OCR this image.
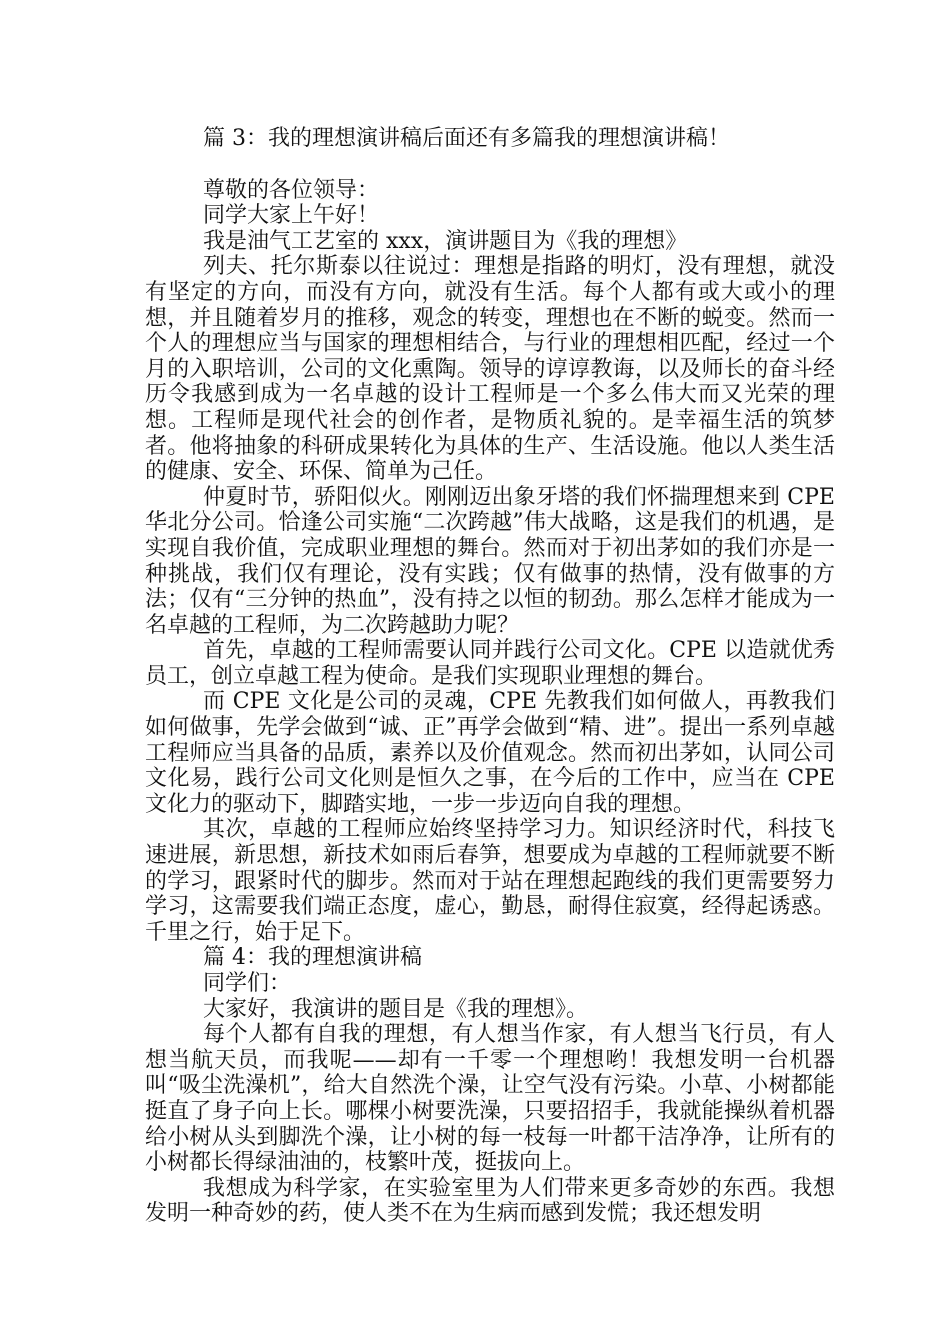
篇 3：我的理想演讲稿后面还有多篇我的理想演讲稿！

尊敬的各位领导：

同学大家上午好！

我是油气工艺室的 xxx，演讲题目为《我的理想》

列夫、托尔斯泰以往说过：理想是指路的明灯，没有理想，就没有坚定的方向，而没有方向，就没有生活。每个人都有或大或小的理想，并且随着岁月的推移，观念的转变，理想也在不断的蜕变。然而一个人的理想应当与国家的理想相结合，与行业的理想相匹配，经过一个月的入职培训，公司的文化熏陶。领导的谆谆教诲，以及师长的奋斗经历令我感到成为一名卓越的设计工程师是一个多么伟大而又光荣的理想。工程师是现代社会的创作者，是物质礼貌的。是幸福生活的筑梦者。他将抽象的科研成果转化为具体的生产、生活设施。他以人类生活的健康、安全、环保、简单为己任。

仲夏时节，骄阳似火。刚刚迈出象牙塔的我们怀揣理想来到 CPE 华北分公司。恰逢公司实施“二次跨越”伟大战略，这是我们的机遇，是实现自我价值，完成职业理想的舞台。然而对于初出茅如的我们亦是一种挑战，我们仅有理论，没有实践；仅有做事的热情，没有做事的方法；仅有“三分钟的热血”，没有持之以恒的韧劲。那么怎样才能成为一名卓越的工程师，为二次跨越助力呢？

首先，卓越的工程师需要认同并践行公司文化。CPE 以造就优秀员工，创立卓越工程为使命。是我们实现职业理想的舞台。

而 CPE 文化是公司的灵魂，CPE 先教我们如何做人，再教我们如何做事，先学会做到“诚、正”再学会做到“精、进”。提出一系列卓越工程师应当具备的品质，素养以及价值观念。然而初出茅如，认同公司文化易，践行公司文化则是恒久之事，在今后的工作中，应当在 CPE 文化力的驱动下，脚踏实地，一步一步迈向自我的理想。

其次，卓越的工程师应始终坚持学习力。知识经济时代，科技飞速进展，新思想，新技术如雨后春笋，想要成为卓越的工程师就要不断的学习，跟紧时代的脚步。然而对于站在理想起跑线的我们更需要努力学习，这需要我们端正态度，虚心，勤恳，耐得住寂寞，经得起诱惑。千里之行，始于足下。

篇 4：我的理想演讲稿

同学们：

大家好，我演讲的题目是《我的理想》。

每个人都有自我的理想，有人想当作家，有人想当飞行员，有人想当航天员，而我呢——却有一千零一个理想哟！我想发明一台机器叫“吸尘洗澡机”，给大自然洗个澡，让空气没有污染。小草、小树都能挺直了身子向上长。哪棵小树要洗澡，只要招招手，我就能操纵着机器给小树从头到脚洗个澡，让小树的每一枝每一叶都干洁净净，让所有的小树都长得绿油油的，枝繁叶茂，挺拔向上。

我想成为科学家，在实验室里为人们带来更多奇妙的东西。我想发明一种奇妙的药，使人类不在为生病而感到发慌；我还想发明
